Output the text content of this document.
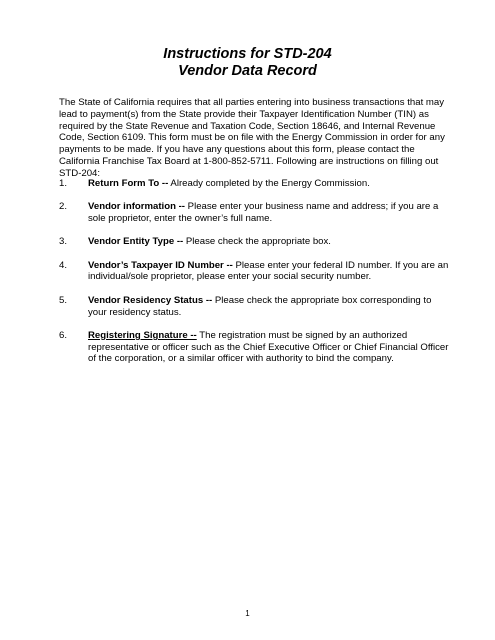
Instructions for STD-204
Vendor Data Record

The State of California requires that all parties entering into business transactions that may lead to payment(s) from the State provide their Taxpayer Identification Number (TIN) as required by the State Revenue and Taxation Code, Section 18646, and Internal Revenue Code, Section 6109. This form must be on file with the Energy Commission in order for any payments to be made. If you have any questions about this form, please contact the California Franchise Tax Board at 1-800-852-5711. Following are instructions on filling out STD-204:

1.	Return Form To -- Already completed by the Energy Commission.
2.	Vendor information -- Please enter your business name and address; if you are a sole proprietor, enter the owner’s full name.
3.	Vendor Entity Type -- Please check the appropriate box.
4.	Vendor’s Taxpayer ID Number -- Please enter your federal ID number. If you are an individual/sole proprietor, please enter your social security number.
5.	Vendor Residency Status -- Please check the appropriate box corresponding to your residency status.
6.	Registering Signature -- The registration must be signed by an authorized representative or officer such as the Chief Executive Officer or Chief Financial Officer of the corporation, or a similar officer with authority to bind the company.
1
